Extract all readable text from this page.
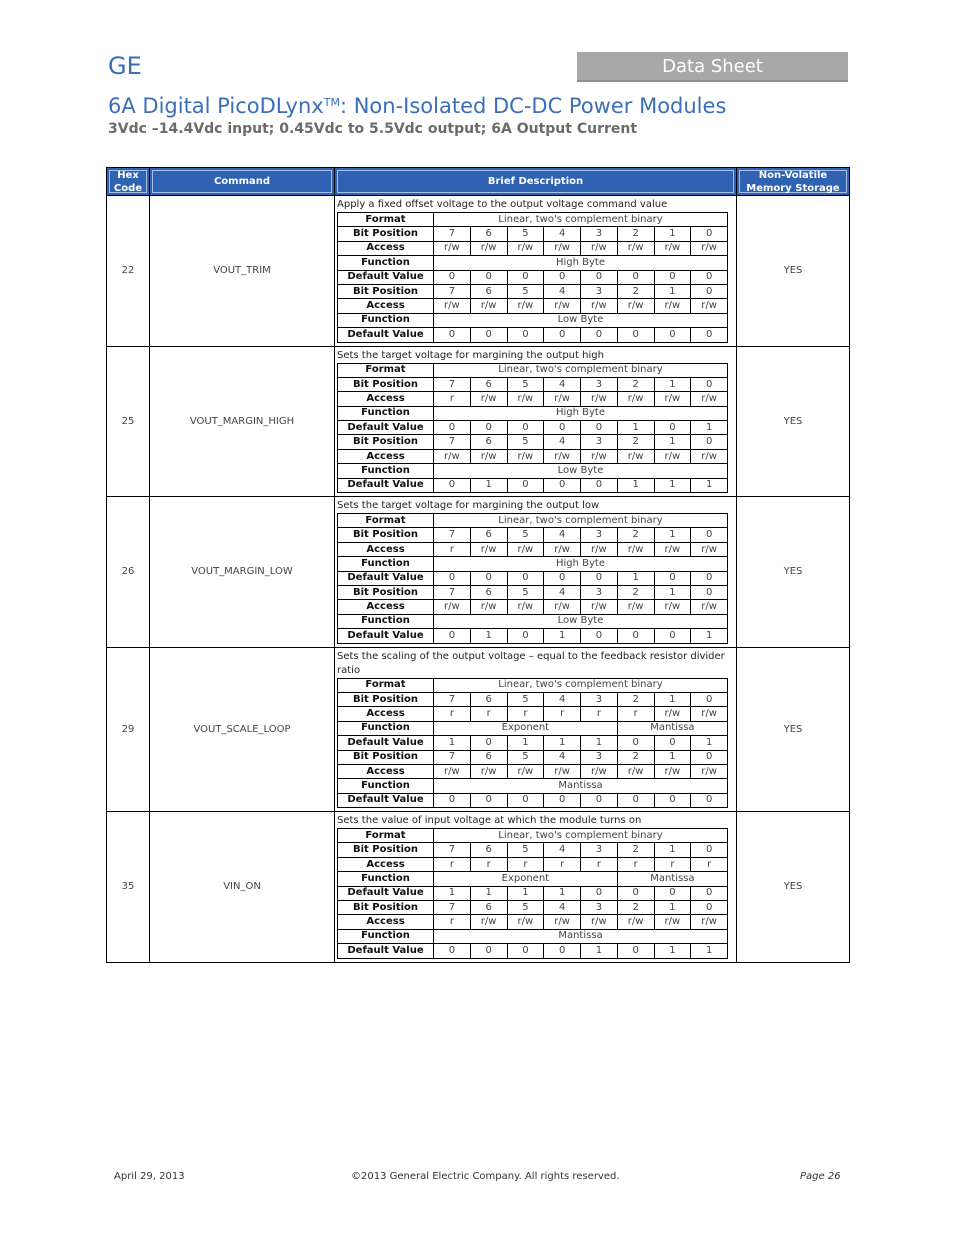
GE	Data Sheet
6A Digital PicoDLynx™: Non-Isolated DC-DC Power Modules
3Vdc –14.4Vdc input; 0.45Vdc to 5.5Vdc output; 6A Output Current
Hex
Code	Command	Brief Description	Non-Volatile
Memory Storage
22	VOUT_TRIM	
Apply a fixed offset voltage to the output voltage command value
Format	Linear, two's complement binary
Bit Position	7	6	5	4	3	2	1	0
Access	r/w	r/w	r/w	r/w	r/w	r/w	r/w	r/w
Function	High Byte
Default Value	0	0	0	0	0	0	0	0
Bit Position	7	6	5	4	3	2	1	0
Access	r/w	r/w	r/w	r/w	r/w	r/w	r/w	r/w
Function	Low Byte
Default Value	0	0	0	0	0	0	0	0
	YES
25	VOUT_MARGIN_HIGH	
Sets the target voltage for margining the output high
Format	Linear, two's complement binary
Bit Position	7	6	5	4	3	2	1	0
Access	r	r/w	r/w	r/w	r/w	r/w	r/w	r/w
Function	High Byte
Default Value	0	0	0	0	0	1	0	1
Bit Position	7	6	5	4	3	2	1	0
Access	r/w	r/w	r/w	r/w	r/w	r/w	r/w	r/w
Function	Low Byte
Default Value	0	1	0	0	0	1	1	1
	YES
26	VOUT_MARGIN_LOW	
Sets the target voltage for margining the output low
Format	Linear, two's complement binary
Bit Position	7	6	5	4	3	2	1	0
Access	r	r/w	r/w	r/w	r/w	r/w	r/w	r/w
Function	High Byte
Default Value	0	0	0	0	0	1	0	0
Bit Position	7	6	5	4	3	2	1	0
Access	r/w	r/w	r/w	r/w	r/w	r/w	r/w	r/w
Function	Low Byte
Default Value	0	1	0	1	0	0	0	1
	YES
29	VOUT_SCALE_LOOP	
Sets the scaling of the output voltage – equal to the feedback resistor divider ratio
Format	Linear, two's complement binary
Bit Position	7	6	5	4	3	2	1	0
Access	r	r	r	r	r	r	r/w	r/w
Function	Exponent	Mantissa
Default Value	1	0	1	1	1	0	0	1
Bit Position	7	6	5	4	3	2	1	0
Access	r/w	r/w	r/w	r/w	r/w	r/w	r/w	r/w
Function	Mantissa
Default Value	0	0	0	0	0	0	0	0
	YES
35	VIN_ON	
Sets the value of input voltage at which the module turns on
Format	Linear, two's complement binary
Bit Position	7	6	5	4	3	2	1	0
Access	r	r	r	r	r	r	r	r
Function	Exponent	Mantissa
Default Value	1	1	1	1	0	0	0	0
Bit Position	7	6	5	4	3	2	1	0
Access	r	r/w	r/w	r/w	r/w	r/w	r/w	r/w
Function	Mantissa
Default Value	0	0	0	0	1	0	1	1
	YES
April 29, 2013	©2013 General Electric Company. All rights reserved.	Page 26
